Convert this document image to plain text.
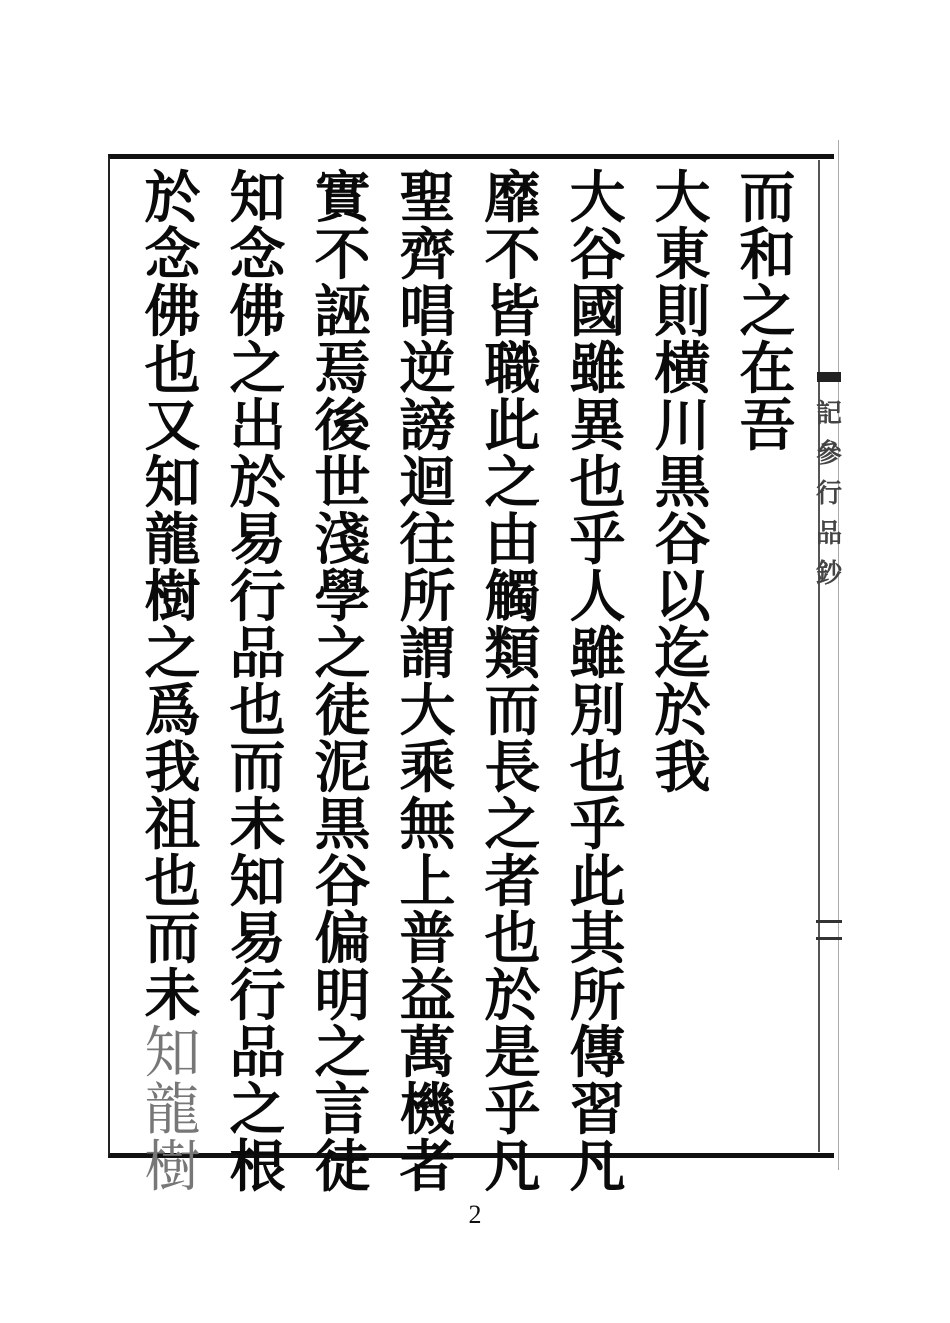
記
參
行
品
鈔
而
和
之
在
吾
大
東
則
横
川
黒
谷
以
迄
於
我
大
谷
國
雖
異
也
乎
人
雖
別
也
乎
此
其
所
傳
習
凡
靡
不
皆
職
此
之
由
觸
類
而
長
之
者
也
於
是
乎
凡
聖
齊
唱
逆
謗
迴
往
所
謂
大
乘
無
上
普
益
萬
機
者
實
不
誣
焉
後
世
淺
學
之
徒
泥
黒
谷
偏
明
之
言
徒
知
念
佛
之
出
於
易
行
品
也
而
未
知
易
行
品
之
根
於
念
佛
也
又
知
龍
樹
之
爲
我
祖
也
而
未
知
龍
樹
2
